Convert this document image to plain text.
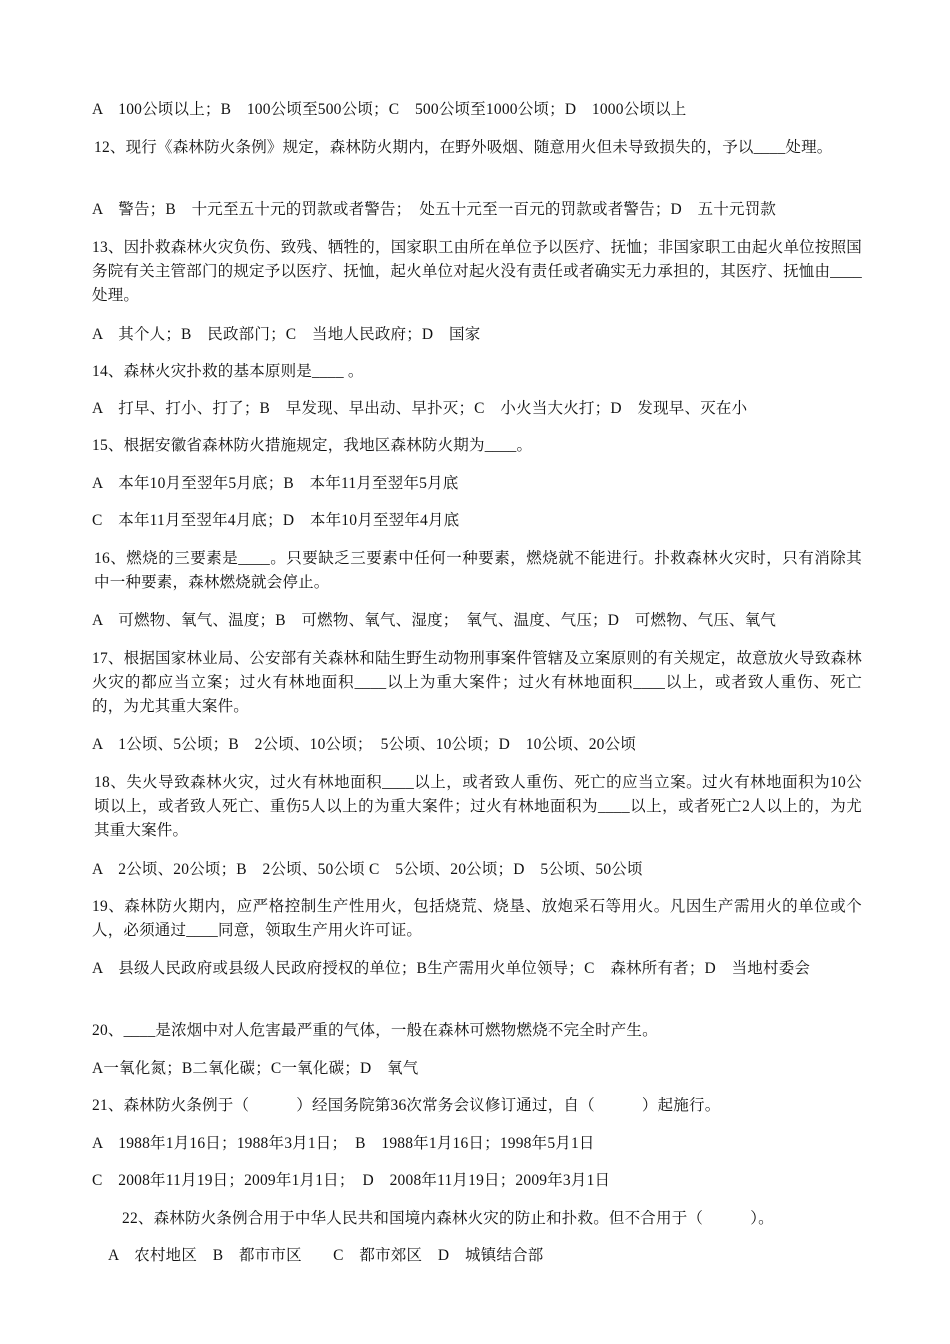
A　100公顷以上；B　100公顷至500公顷；C　500公顷至1000公顷；D　1000公顷以上
12、现行《森林防火条例》规定，森林防火期内，在野外吸烟、随意用火但未导致损失的，予以____处理。
A　警告；B　十元至五十元的罚款或者警告；　处五十元至一百元的罚款或者警告；D　五十元罚款
13、因扑救森林火灾负伤、致残、牺牲的，国家职工由所在单位予以医疗、抚恤；非国家职工由起火单位按照国务院有关主管部门的规定予以医疗、抚恤，起火单位对起火没有责任或者确实无力承担的，其医疗、抚恤由____处理。
A　其个人；B　民政部门；C　当地人民政府；D　国家
14、森林火灾扑救的基本原则是____ 。
A　打早、打小、打了；B　早发现、早出动、早扑灭；C　小火当大火打；D　发现早、灭在小
15、根据安徽省森林防火措施规定，我地区森林防火期为____。
A　本年10月至翌年5月底；B　本年11月至翌年5月底
C　本年11月至翌年4月底；D　本年10月至翌年4月底
16、燃烧的三要素是____。只要缺乏三要素中任何一种要素，燃烧就不能进行。扑救森林火灾时，只有消除其中一种要素，森林燃烧就会停止。
A　可燃物、氧气、温度；B　可燃物、氧气、湿度；　氧气、温度、气压；D　可燃物、气压、氧气
17、根据国家林业局、公安部有关森林和陆生野生动物刑事案件管辖及立案原则的有关规定，故意放火导致森林火灾的都应当立案；过火有林地面积____以上为重大案件；过火有林地面积____以上，或者致人重伤、死亡的，为尤其重大案件。
A　1公顷、5公顷；B　2公顷、10公顷；　5公顷、10公顷；D　10公顷、20公顷
18、失火导致森林火灾，过火有林地面积____以上，或者致人重伤、死亡的应当立案。过火有林地面积为10公顷以上，或者致人死亡、重伤5人以上的为重大案件；过火有林地面积为____以上，或者死亡2人以上的，为尤其重大案件。
A　2公顷、20公顷；B　2公顷、50公顷 C　5公顷、20公顷；D　5公顷、50公顷
19、森林防火期内，应严格控制生产性用火，包括烧荒、烧垦、放炮采石等用火。凡因生产需用火的单位或个人，必须通过____同意，领取生产用火许可证。
A　县级人民政府或县级人民政府授权的单位；B生产需用火单位领导；C　森林所有者；D　当地村委会
20、____是浓烟中对人危害最严重的气体，一般在森林可燃物燃烧不完全时产生。
A一氧化氮；B二氧化碳；C一氧化碳；D　氧气
21、森林防火条例于（　　　）经国务院第36次常务会议修订通过，自（　　　）起施行。
A　1988年1月16日；1988年3月1日；　B　1988年1月16日；1998年5月1日
C　2008年11月19日；2009年1月1日；　D　2008年11月19日；2009年3月1日
22、森林防火条例合用于中华人民共和国境内森林火灾的防止和扑救。但不合用于（　　　）。
A　农村地区　B　都市市区　　C　都市郊区　D　城镇结合部
